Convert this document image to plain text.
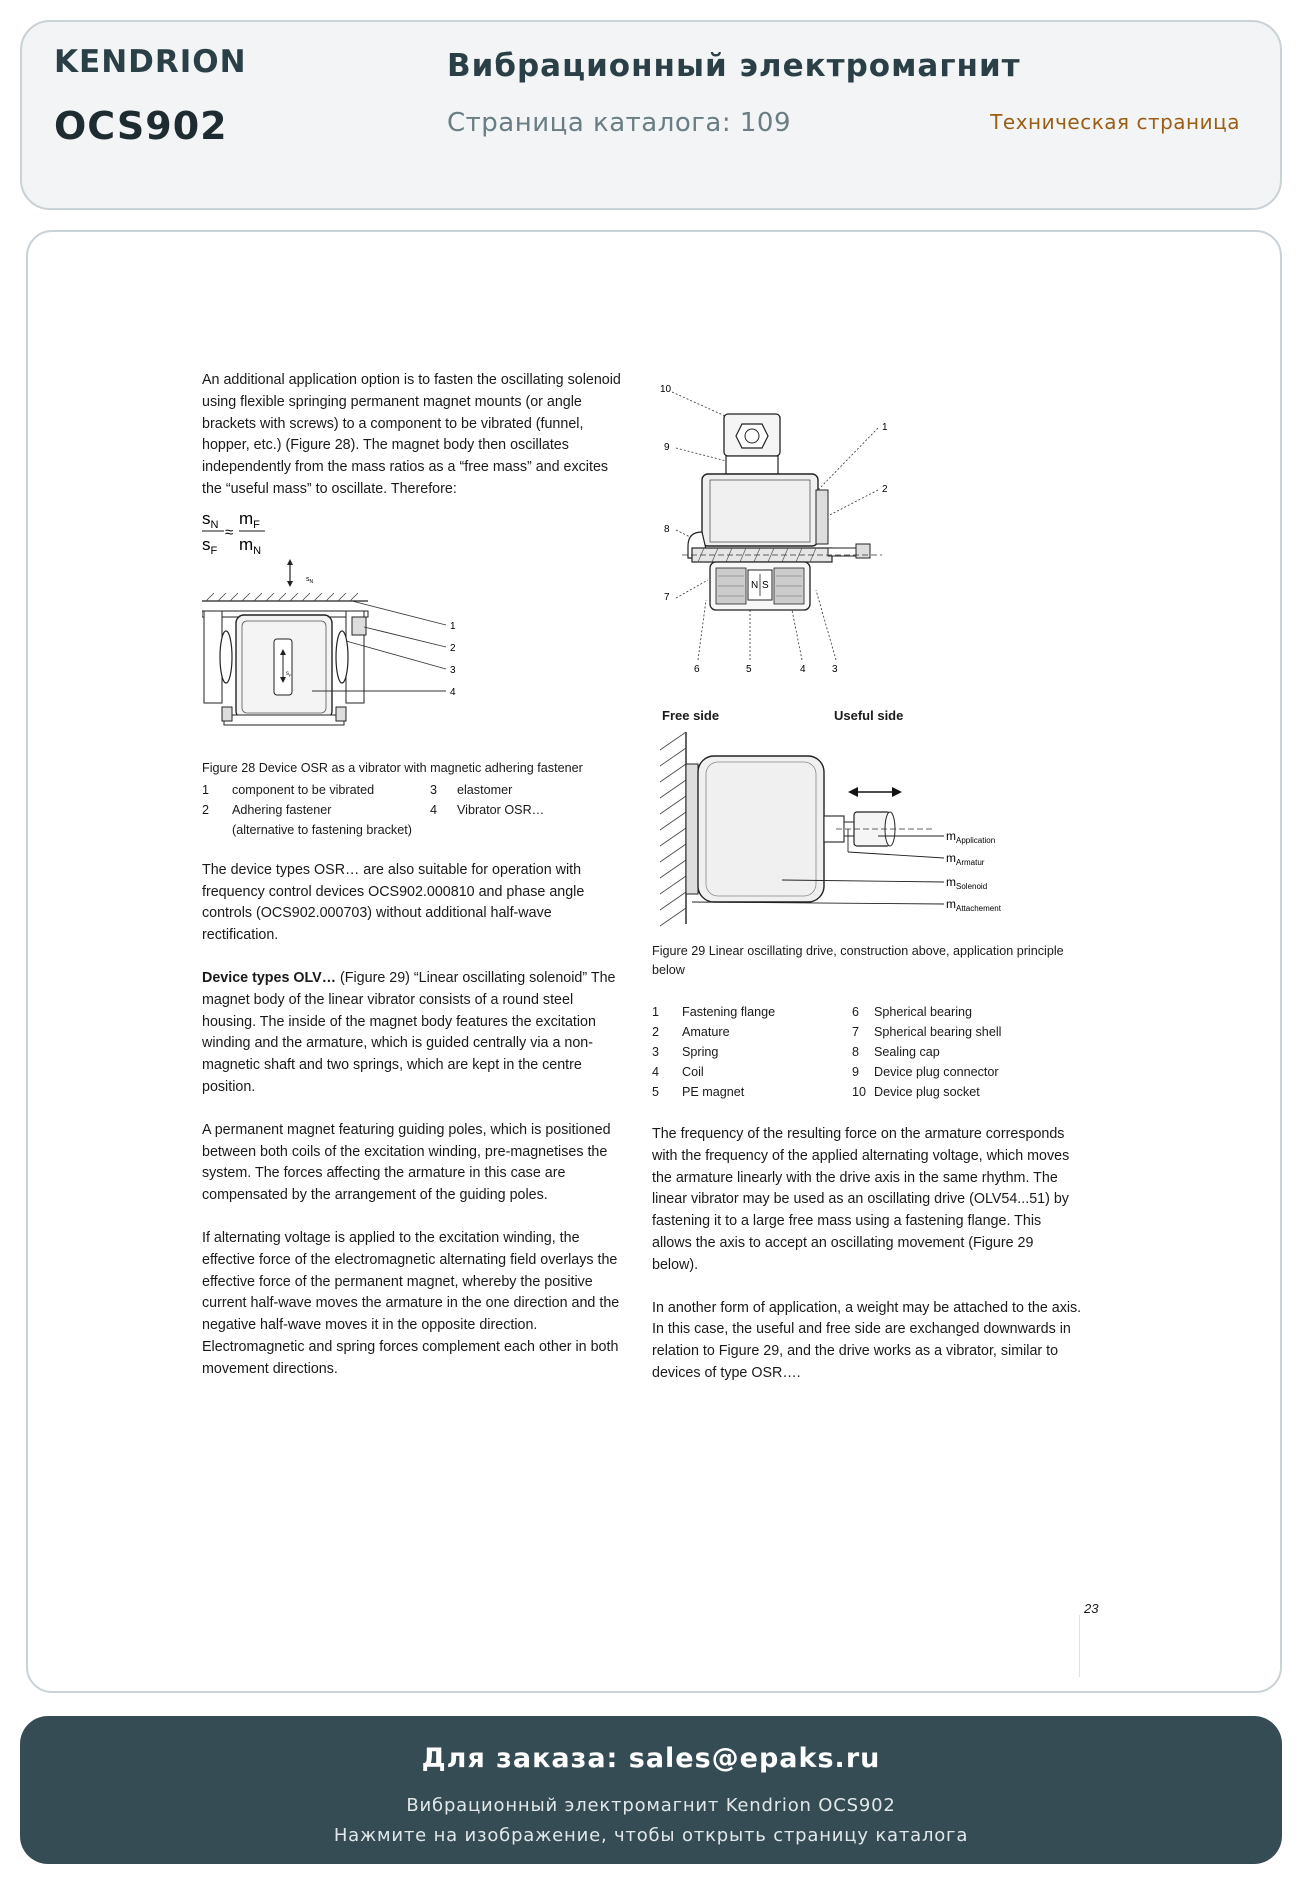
KENDRION
OCS902
Вибрационный электромагнит
Страница каталога: 109	Техническая страница

An additional application option is to fasten the oscillating solenoid using flexible springing permanent magnet mounts (or angle brackets with screws) to a component to be vibrated (funnel, hopper, etc.) (Figure 28). The magnet body then oscillates independently from the mass ratios as a “free mass” and excites the “useful mass” to oscillate. Therefore:

$s_N$
$s_F$
≈
$m_F$
$m_N$
$s_N$
$s_F$
1
2
3
4
Figure 28 Device OSR as a vibrator with magnetic adhering fastener
1	component to be vibrated	3	elastomer
2	Adhering fastener	4	Vibrator OSR…
(alternative to fastening bracket)

The device types OSR… are also suitable for operation with frequency control devices OCS902.000810 and phase angle controls (OCS902.000703) without additional half-wave rectification.

Device types OLV… (Figure 29) “Linear oscillating solenoid” The magnet body of the linear vibrator consists of a round steel housing. The inside of the magnet body features the excitation winding and the armature, which is guided centrally via a non-magnetic shaft and two springs, which are kept in the centre position.

A permanent magnet featuring guiding poles, which is positioned between both coils of the excitation winding, pre-magnetises the system. The forces affecting the armature in this case are compensated by the arrangement of the guiding poles.

If alternating voltage is applied to the excitation winding, the effective force of the electromagnetic alternating field overlays the effective force of the permanent magnet, whereby the positive current half-wave moves the armature in the one direction and the negative half-wave moves it in the opposite direction. Electromagnetic and spring forces complement each other in both movement directions.

10
9
8
7
1
2
6	5	4	3
N S
Free side	Useful side
$m_{Application}$
$m_{Armatur}$
$m_{Solenoid}$
$m_{Attachement}$
Figure 29 Linear oscillating drive, construction above, application principle below
1	Fastening flange	6	Spherical bearing
2	Amature	7	Spherical bearing shell
3	Spring	8	Sealing cap
4	Coil	9	Device plug connector
5	PE magnet	10 Device plug socket

The frequency of the resulting force on the armature corresponds with the frequency of the applied alternating voltage, which moves the armature linearly with the drive axis in the same rhythm. The linear vibrator may be used as an oscillating drive (OLV54...51) by fastening it to a large free mass using a fastening flange. This allows the axis to accept an oscillating movement (Figure 29 below).

In another form of application, a weight may be attached to the axis. In this case, the useful and free side are exchanged downwards in relation to Figure 29, and the drive works as a vibrator, similar to devices of type OSR….

23
Для заказа: sales@epaks.ru
Вибрационный электромагнит Kendrion OCS902
Нажмите на изображение, чтобы открыть страницу каталога
